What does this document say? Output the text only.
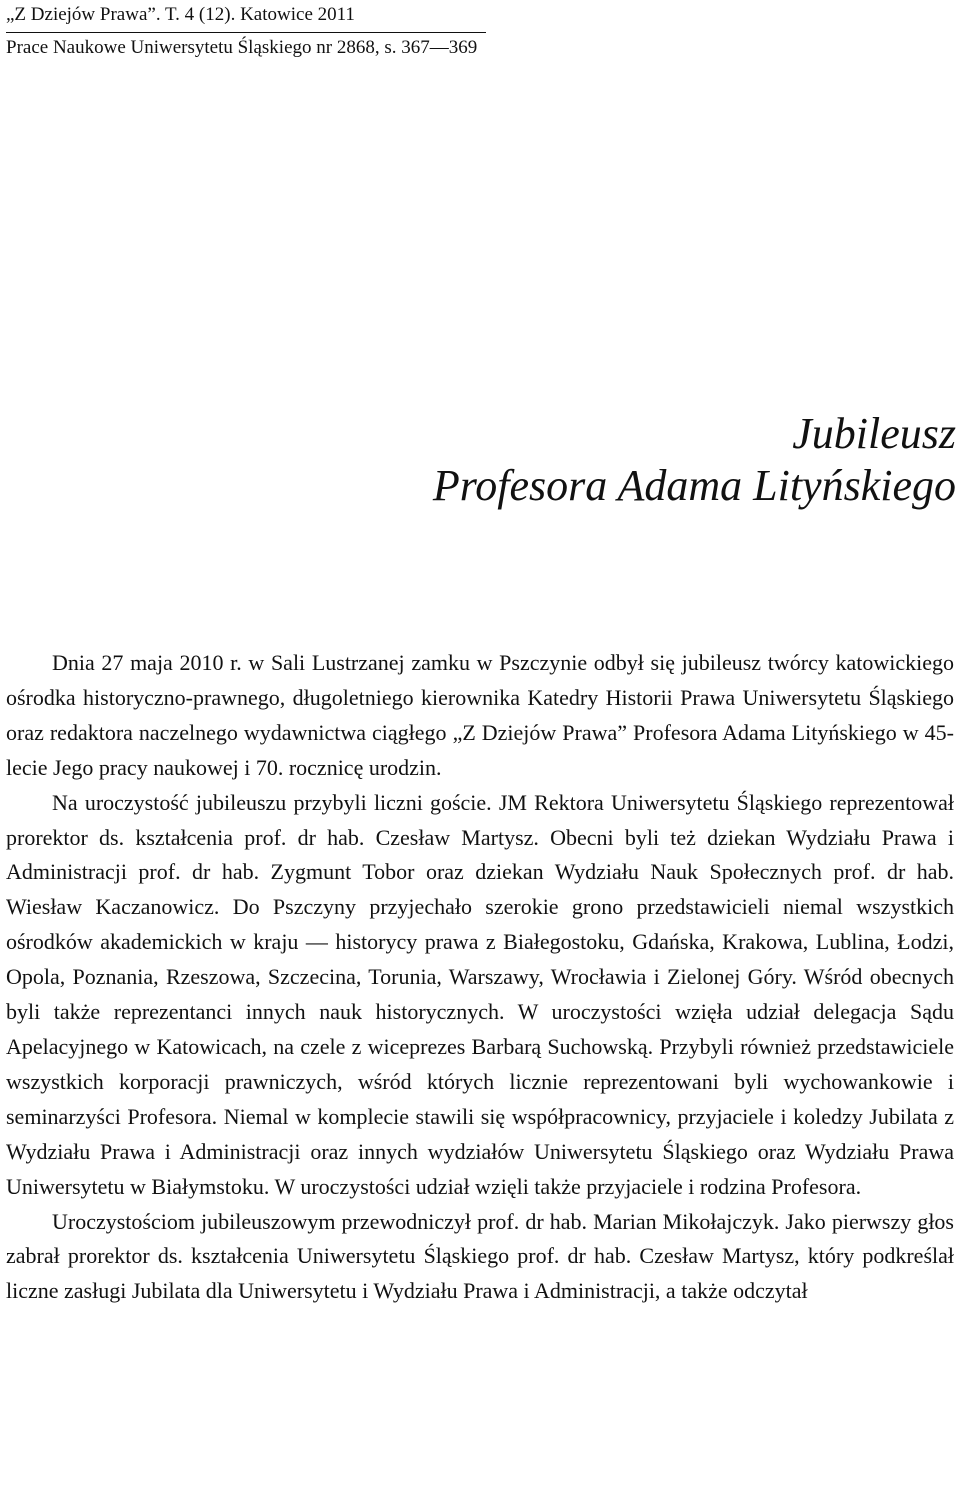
„Z Dziejów Prawa”. T. 4 (12). Katowice 2011
Prace Naukowe Uniwersytetu Śląskiego nr 2868, s. 367—369
Jubileusz
Profesora Adama Lityńskiego

Dnia 27 maja 2010 r. w Sali Lustrzanej zamku w Pszczynie odbył się jubileusz twórcy katowickiego ośrodka historyczno-prawnego, długoletniego kierownika Katedry Historii Prawa Uniwersytetu Śląskiego oraz redaktora naczelnego wydawnictwa ciągłego „Z Dziejów Prawa” Profesora Adama Lityńskiego w 45-lecie Jego pracy naukowej i 70. rocznicę urodzin.

Na uroczystość jubileuszu przybyli liczni goście. JM Rektora Uniwersytetu Śląskiego reprezentował prorektor ds. kształcenia prof. dr hab. Czesław Martysz. Obecni byli też dziekan Wydziału Prawa i Administracji prof. dr hab. Zygmunt Tobor oraz dziekan Wydziału Nauk Społecznych prof. dr hab. Wiesław Kaczanowicz. Do Pszczyny przyjechało szerokie grono przedstawicieli niemal wszystkich ośrodków akademickich w kraju — historycy prawa z Białegostoku, Gdańska, Krakowa, Lublina, Łodzi, Opola, Poznania, Rzeszowa, Szczecina, Torunia, Warszawy, Wrocławia i Zielonej Góry. Wśród obecnych byli także reprezentanci innych nauk historycznych. W uroczystości wzięła udział delegacja Sądu Apelacyjnego w Katowicach, na czele z wiceprezes Barbarą Suchowską. Przybyli również przedstawiciele wszystkich korporacji prawniczych, wśród których licznie reprezentowani byli wychowankowie i seminarzyści Profesora. Niemal w komplecie stawili się współpracownicy, przyjaciele i koledzy Jubilata z Wydziału Prawa i Administracji oraz innych wydziałów Uniwersytetu Śląskiego oraz Wydziału Prawa Uniwersytetu w Białymstoku. W uroczystości udział wzięli także przyjaciele i rodzina Profesora.

Uroczystościom jubileuszowym przewodniczył prof. dr hab. Marian Mikołajczyk. Jako pierwszy głos zabrał prorektor ds. kształcenia Uniwersytetu Śląskiego prof. dr hab. Czesław Martysz, który podkreślał liczne zasługi Jubilata dla Uniwersytetu i Wydziału Prawa i Administracji, a także odczytał
